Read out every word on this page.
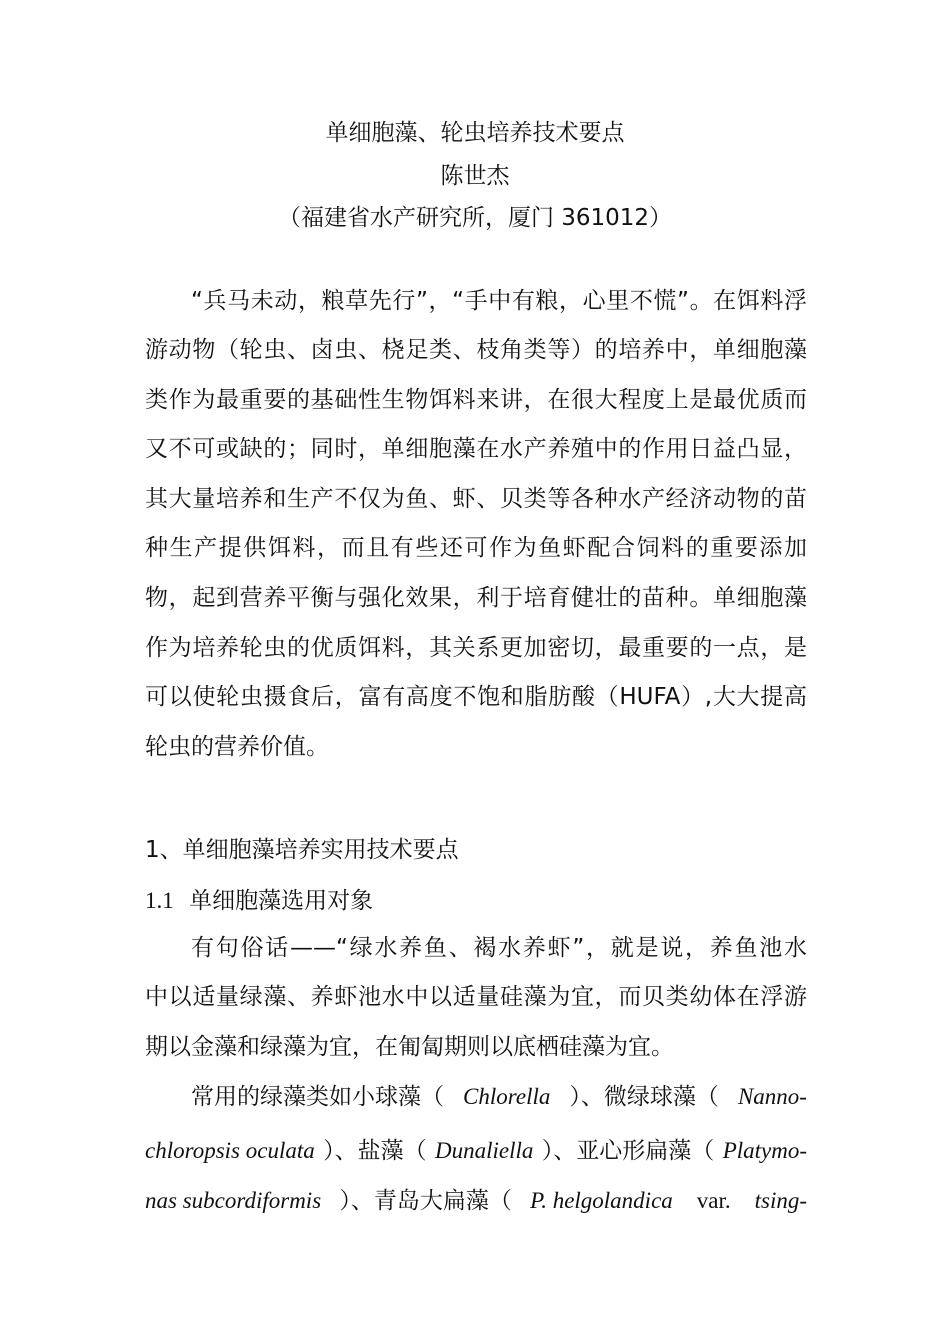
单细胞藻、轮虫培养技术要点
陈世杰
（福建省水产研究所，厦门 361012）
“兵马未动，粮草先行”，“手中有粮，心里不慌”。在饵料浮
游动物（轮虫、卤虫、桡足类、枝角类等）的培养中，单细胞藻
类作为最重要的基础性生物饵料来讲，在很大程度上是最优质而
又不可或缺的；同时，单细胞藻在水产养殖中的作用日益凸显，
其大量培养和生产不仅为鱼、虾、贝类等各种水产经济动物的苗
种生产提供饵料，而且有些还可作为鱼虾配合饲料的重要添加
物，起到营养平衡与强化效果，利于培育健壮的苗种。单细胞藻
作为培养轮虫的优质饵料，其关系更加密切，最重要的一点，是
可以使轮虫摄食后，富有高度不饱和脂肪酸（HUFA）,大大提高
轮虫的营养价值。
1、单细胞藻培养实用技术要点
1.1 单细胞藻选用对象
有句俗话——“绿水养鱼、褐水养虾”，就是说，养鱼池水
中以适量绿藻、养虾池水中以适量硅藻为宜，而贝类幼体在浮游
期以金藻和绿藻为宜，在匍匐期则以底栖硅藻为宜。
常用的绿藻类如小球藻（ Chlorella ）、微绿球藻（ Nanno-
chloropsis oculata ）、盐藻（ Dunaliella ）、亚心形扁藻（ Platymo-
nas subcordiformis ）、青岛大扁藻（ P. helgolandica var. tsing-
